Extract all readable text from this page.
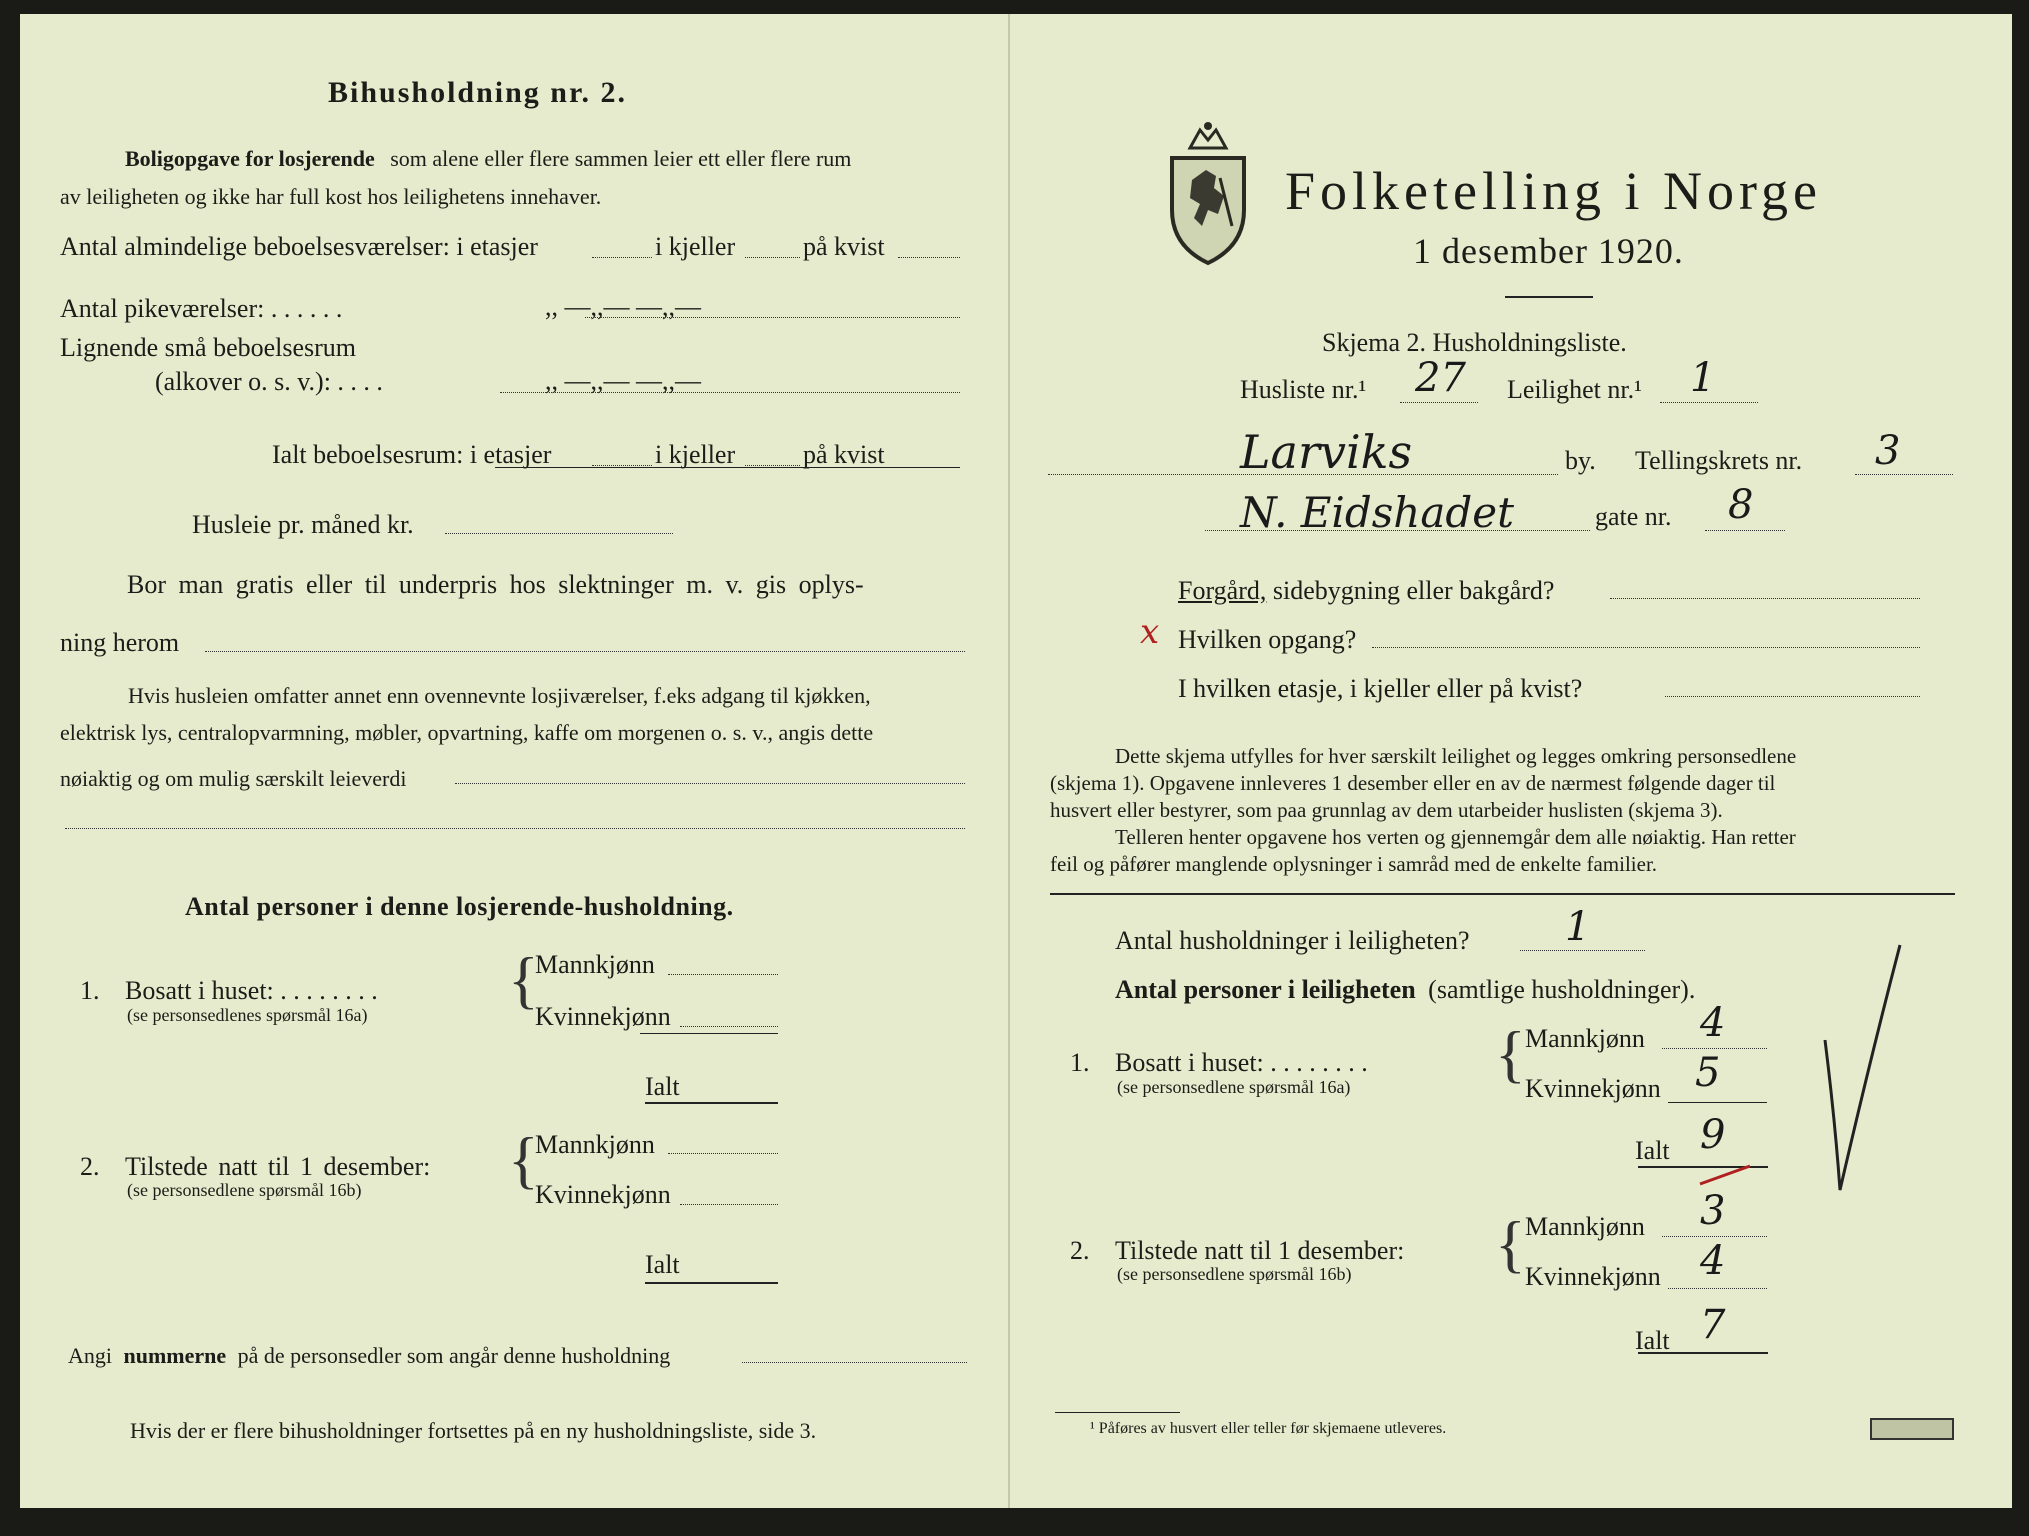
Bihusholdning nr. 2.
Boligopgave for losjerende som alene eller flere sammen leier ett eller flere rum
av leiligheten og ikke har full kost hos leilighetens innehaver.
Antal almindelige beboelsesværelser: i etasjer	i kjeller	på kvist
Antal pikeværelser: . . . . . .	,, —,,— —,,—
Lignende små beboelsesrum
(alkover o. s. v.): . . . .	,, —,,— —,,—
Ialt beboelsesrum: i etasjer	i kjeller	på kvist
Husleie pr. måned kr.
Bor man gratis eller til underpris hos slektninger m. v. gis oplys-
ning herom
Hvis husleien omfatter annet enn ovennevnte losjiværelser, f.eks adgang til kjøkken,
elektrisk lys, centralopvarmning, møbler, opvartning, kaffe om morgenen o. s. v., angis dette
nøiaktig og om mulig særskilt leieverdi
Antal personer i denne losjerende-husholdning.
1. Bosatt i huset: . . . . . . . .
(se personsedlenes spørsmål 16a) {
Mannkjønn
Kvinnekjønn
Ialt
2. Tilstede natt til 1 desember:
(se personsedlene spørsmål 16b) {
Mannkjønn
Kvinnekjønn
Ialt
Angi nummerne på de personsedler som angår denne husholdning
Hvis der er flere bihusholdninger fortsettes på en ny husholdningsliste, side 3.
Folketelling i Norge
1 desember 1920.
Skjema 2. Husholdningsliste.
Husliste nr.¹ 27 Leilighet nr.¹ 1
Larviks	by. Tellingskrets nr. 3
N. Eidshadet	gate nr. 8
Forgård, sidebygning eller bakgård?
x Hvilken opgang?
I hvilken etasje, i kjeller eller på kvist?
Dette skjema utfylles for hver særskilt leilighet og legges omkring personsedlene
(skjema 1). Opgavene innleveres 1 desember eller en av de nærmest følgende dager til
husvert eller bestyrer, som paa grunnlag av dem utarbeider huslisten (skjema 3).
Telleren henter opgavene hos verten og gjennemgår dem alle nøiaktig. Han retter
feil og påfører manglende oplysninger i samråd med de enkelte familier.
Antal husholdninger i leiligheten? 1
Antal personer i leiligheten (samtlige husholdninger).
1. Bosatt i huset: . . . . . . . .
(se personsedlene spørsmål 16a) { Mannkjønn 4
Kvinnekjønn 5
Ialt 9
2. Tilstede natt til 1 desember:
(se personsedlene spørsmål 16b) { Mannkjønn 3
Kvinnekjønn 4
Ialt 7
¹ Påføres av husvert eller teller før skjemaene utleveres.
